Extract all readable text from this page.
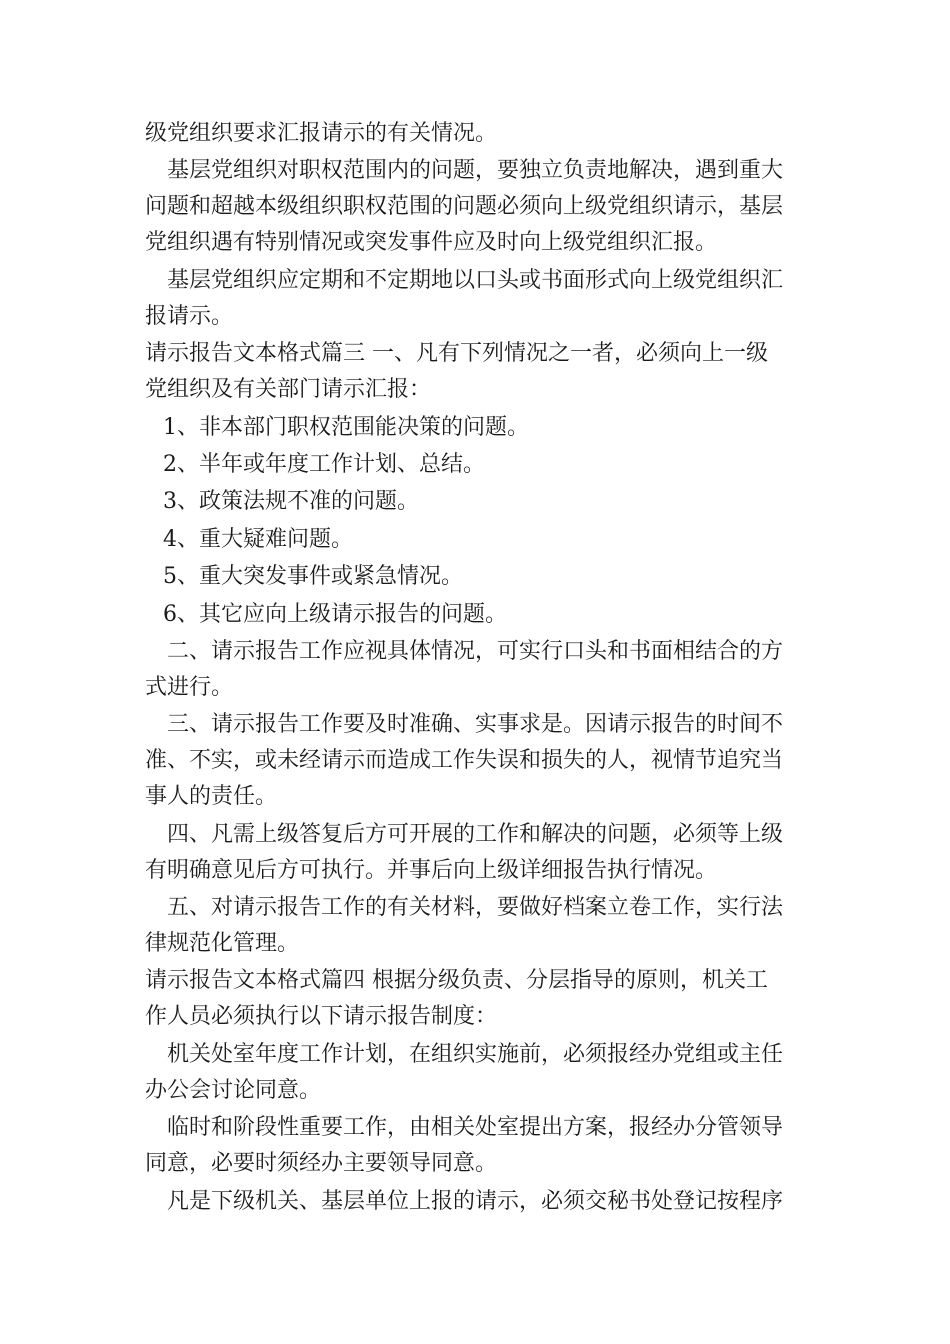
级党组织要求汇报请示的有关情况。
基层党组织对职权范围内的问题，要独立负责地解决，遇到重大
问题和超越本级组织职权范围的问题必须向上级党组织请示，基层
党组织遇有特别情况或突发事件应及时向上级党组织汇报。
基层党组织应定期和不定期地以口头或书面形式向上级党组织汇
报请示。
请示报告文本格式篇三 一、凡有下列情况之一者，必须向上一级
党组织及有关部门请示汇报：
1、非本部门职权范围能决策的问题。
2、半年或年度工作计划、总结。
3、政策法规不准的问题。
4、重大疑难问题。
5、重大突发事件或紧急情况。
6、其它应向上级请示报告的问题。
二、请示报告工作应视具体情况，可实行口头和书面相结合的方
式进行。
三、请示报告工作要及时准确、实事求是。因请示报告的时间不
准、不实，或未经请示而造成工作失误和损失的人，视情节追究当
事人的责任。
四、凡需上级答复后方可开展的工作和解决的问题，必须等上级
有明确意见后方可执行。并事后向上级详细报告执行情况。
五、对请示报告工作的有关材料，要做好档案立卷工作，实行法
律规范化管理。
请示报告文本格式篇四 根据分级负责、分层指导的原则，机关工
作人员必须执行以下请示报告制度：
机关处室年度工作计划，在组织实施前，必须报经办党组或主任
办公会讨论同意。
临时和阶段性重要工作，由相关处室提出方案，报经办分管领导
同意，必要时须经办主要领导同意。
凡是下级机关、基层单位上报的请示，必须交秘书处登记按程序
